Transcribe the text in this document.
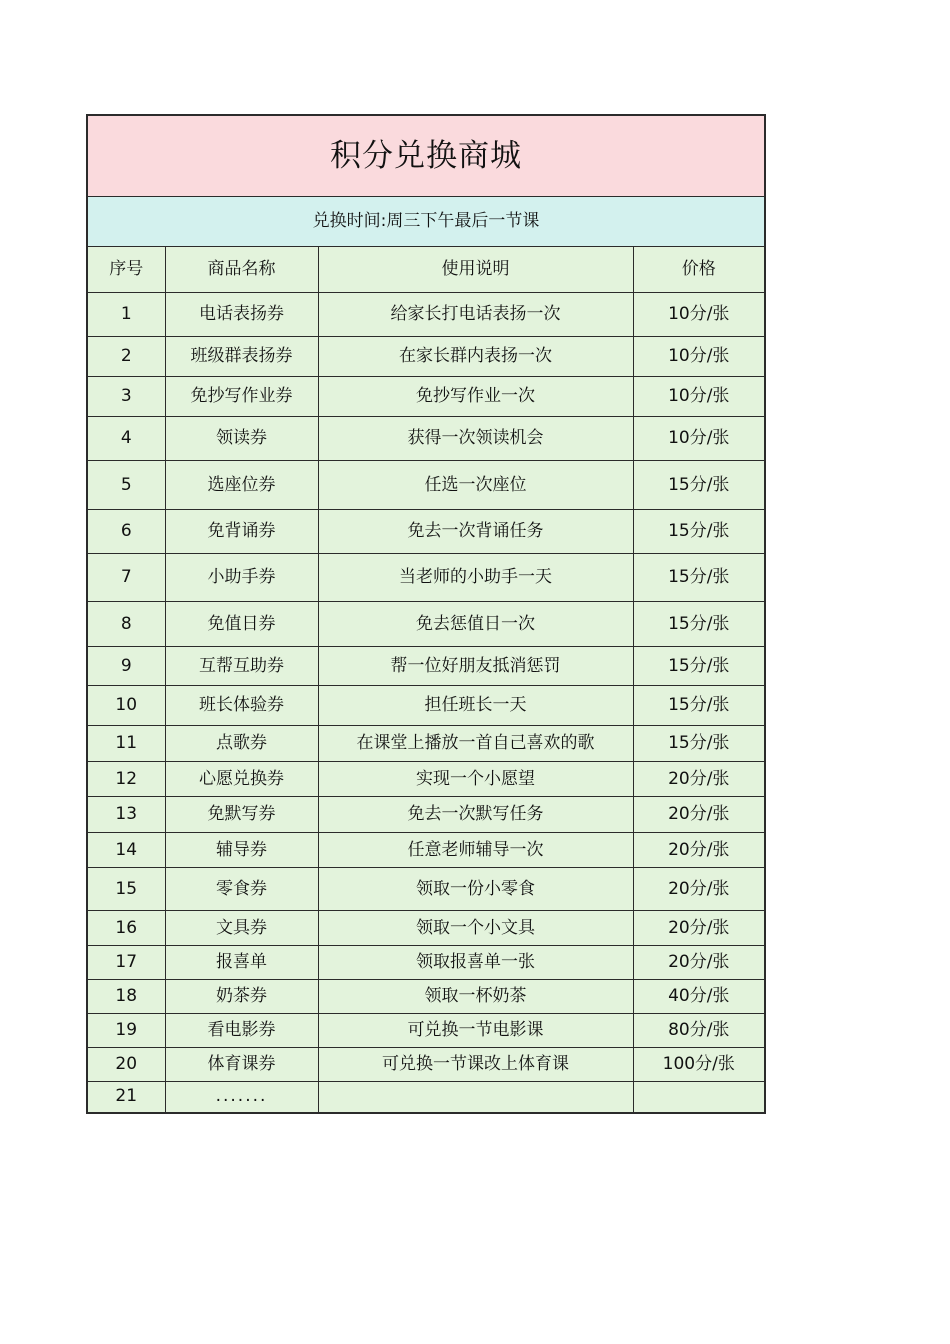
积分兑换商城			
兑换时间:周三下午最后一节课			
序号	商品名称	使用说明	价格
1	电话表扬券	给家长打电话表扬一次	10分/张
2	班级群表扬券	在家长群内表扬一次	10分/张
3	免抄写作业券	免抄写作业一次	10分/张
4	领读券	获得一次领读机会	10分/张
5	选座位券	任选一次座位	15分/张
6	免背诵券	免去一次背诵任务	15分/张
7	小助手券	当老师的小助手一天	15分/张
8	免值日券	免去惩值日一次	15分/张
9	互帮互助券	帮一位好朋友抵消惩罚	15分/张
10	班长体验券	担任班长一天	15分/张
11	点歌券	在课堂上播放一首自己喜欢的歌	15分/张
12	心愿兑换券	实现一个小愿望	20分/张
13	免默写券	免去一次默写任务	20分/张
14	辅导券	任意老师辅导一次	20分/张
15	零食券	领取一份小零食	20分/张
16	文具券	领取一个小文具	20分/张
17	报喜单	领取报喜单一张	20分/张
18	奶茶券	领取一杯奶茶	40分/张
19	看电影券	可兑换一节电影课	80分/张
20	体育课券	可兑换一节课改上体育课	100分/张
21	.......		
